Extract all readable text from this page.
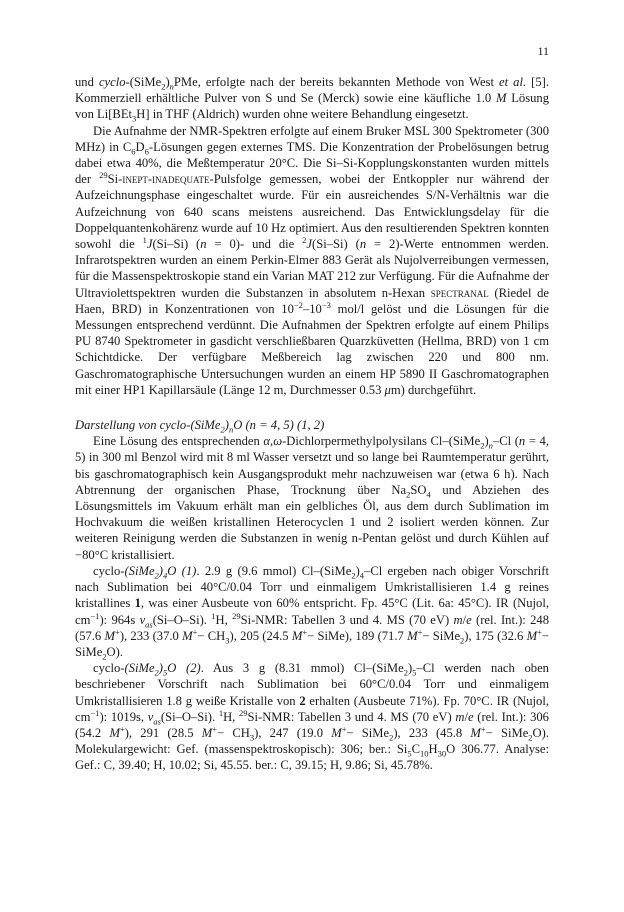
11

und cyclo-$(SiMe_2)_nPMe$, erfolgte nach der bereits bekannten Methode von West et al. [5]. Kommerziell erhältliche Pulver von S und Se (Merck) sowie eine käufliche 1.0 M Lösung von Li[BEt$_3$H] in THF (Aldrich) wurden ohne weitere Behandlung eingesetzt.

Die Aufnahme der NMR-Spektren erfolgte auf einem Bruker MSL 300 Spektrometer (300 MHz) in $C_6D_6$-Lösungen gegen externes TMS. Die Konzentration der Probelösungen betrug dabei etwa 40%, die Meßtemperatur 20°C. Die Si–Si-Kopplungskonstanten wurden mittels der $^{29}$Si-inept-inadequate-Pulsfolge gemessen, wobei der Entkoppler nur während der Aufzeichnungsphase eingeschaltet wurde. Für ein ausreichendes S/N-Verhältnis war die Aufzeichnung von 640 scans meistens ausreichend. Das Entwicklungsdelay für die Doppelquantenkohärenz wurde auf 10 Hz optimiert. Aus den resultierenden Spektren konnten sowohl die $^1$J(Si–Si) (n = 0)- und die $^2$J(Si–Si) (n = 2)-Werte entnommen werden. Infrarotspektren wurden an einem Perkin-Elmer 883 Gerät als Nujolverreibungen vermessen, für die Massenspektroskopie stand ein Varian MAT 212 zur Verfügung. Für die Aufnahme der Ultraviolettspektren wurden die Substanzen in absolutem n-Hexan spectranal (Riedel de Haen, BRD) in Konzentrationen von $10^{-2}-10^{-3}$ mol/l gelöst und die Lösungen für die Messungen entsprechend verdünnt. Die Aufnahmen der Spektren erfolgte auf einem Philips PU 8740 Spektrometer in gasdicht verschließbaren Quarzküvetten (Hellma, BRD) von 1 cm Schichtdicke. Der verfügbare Meßbereich lag zwischen 220 und 800 nm. Gaschromatographische Untersuchungen wurden an einem HP 5890 II Gaschromatographen mit einer HP1 Kapillarsäule (Länge 12 m, Durchmesser 0.53 μm) durchgeführt.

Darstellung von cyclo-$(SiMe_2)_nO$ (n = 4, 5) (1, 2)

Eine Lösung des entsprechenden α,ω-Dichlorpermethylpolysilans $Cl-(SiMe_2)_n-Cl$ (n = 4, 5) in 300 ml Benzol wird mit 8 ml Wasser versetzt und so lange bei Raumtemperatur gerührt, bis gaschromatographisch kein Ausgangsprodukt mehr nachzuweisen war (etwa 6 h). Nach Abtrennung der organischen Phase, Trocknung über $Na_2SO_4$ und Abziehen des Lösungsmittels im Vakuum erhält man ein gelbliches Öl, aus dem durch Sublimation im Hochvakuum die weißen kristallinen Heterocyclen 1 und 2 isoliert werden können. Zur weiteren Reinigung werden die Substanzen in wenig n-Pentan gelöst und durch Kühlen auf −80°C kristallisiert.

cyclo-$(SiMe_2)_4O$ (1). 2.9 g (9.6 mmol) $Cl-(SiMe_2)_4-Cl$ ergeben nach obiger Vorschrift nach Sublimation bei 40°C/0.04 Torr und einmaligem Umkristallisieren 1.4 g reines kristallines 1, was einer Ausbeute von 60% entspricht. Fp. 45°C (Lit. 6a: 45°C). IR (Nujol, $cm^{-1}$): 964s $\nu_{as}(Si-O-Si)$. $^1$H, $^{29}$Si-NMR: Tabellen 3 und 4. MS (70 eV) m/e (rel. Int.): 248 (57.6 M+), 233 (37.0 $M^+- CH_3$), 205 (24.5 M+− SiMe), 189 (71.7 M+− SiMe$_2$), 175 (32.6 M+− SiMe$_2$O).

cyclo-$(SiMe_2)_5O$ (2). Aus 3 g (8.31 mmol) $Cl-(SiMe_2)_5-Cl$ werden nach oben beschriebener Vorschrift nach Sublimation bei 60°C/0.04 Torr und einmaligem Umkristallisieren 1.8 g weiße Kristalle von 2 erhalten (Ausbeute 71%). Fp. 70°C. IR (Nujol, $cm^{-1}$): 1019s, $\nu_{as}(Si-O-Si)$. $^1$H, $^{29}$Si-NMR: Tabellen 3 und 4. MS (70 eV) m/e (rel. Int.): 306 (54.2 M+), 291 (28.5 $M^+- CH_3$), 247 (19.0 M+− SiMe$_2$), 233 (45.8 M+− SiMe$_2$O). Molekulargewicht: Gef. (massenspektroskopisch): 306; ber.: $Si_5C_{10}H_{30}O$ 306.77. Analyse: Gef.: C, 39.40; H, 10.02; Si, 45.55. ber.: C, 39.15; H, 9.86; Si, 45.78%.
